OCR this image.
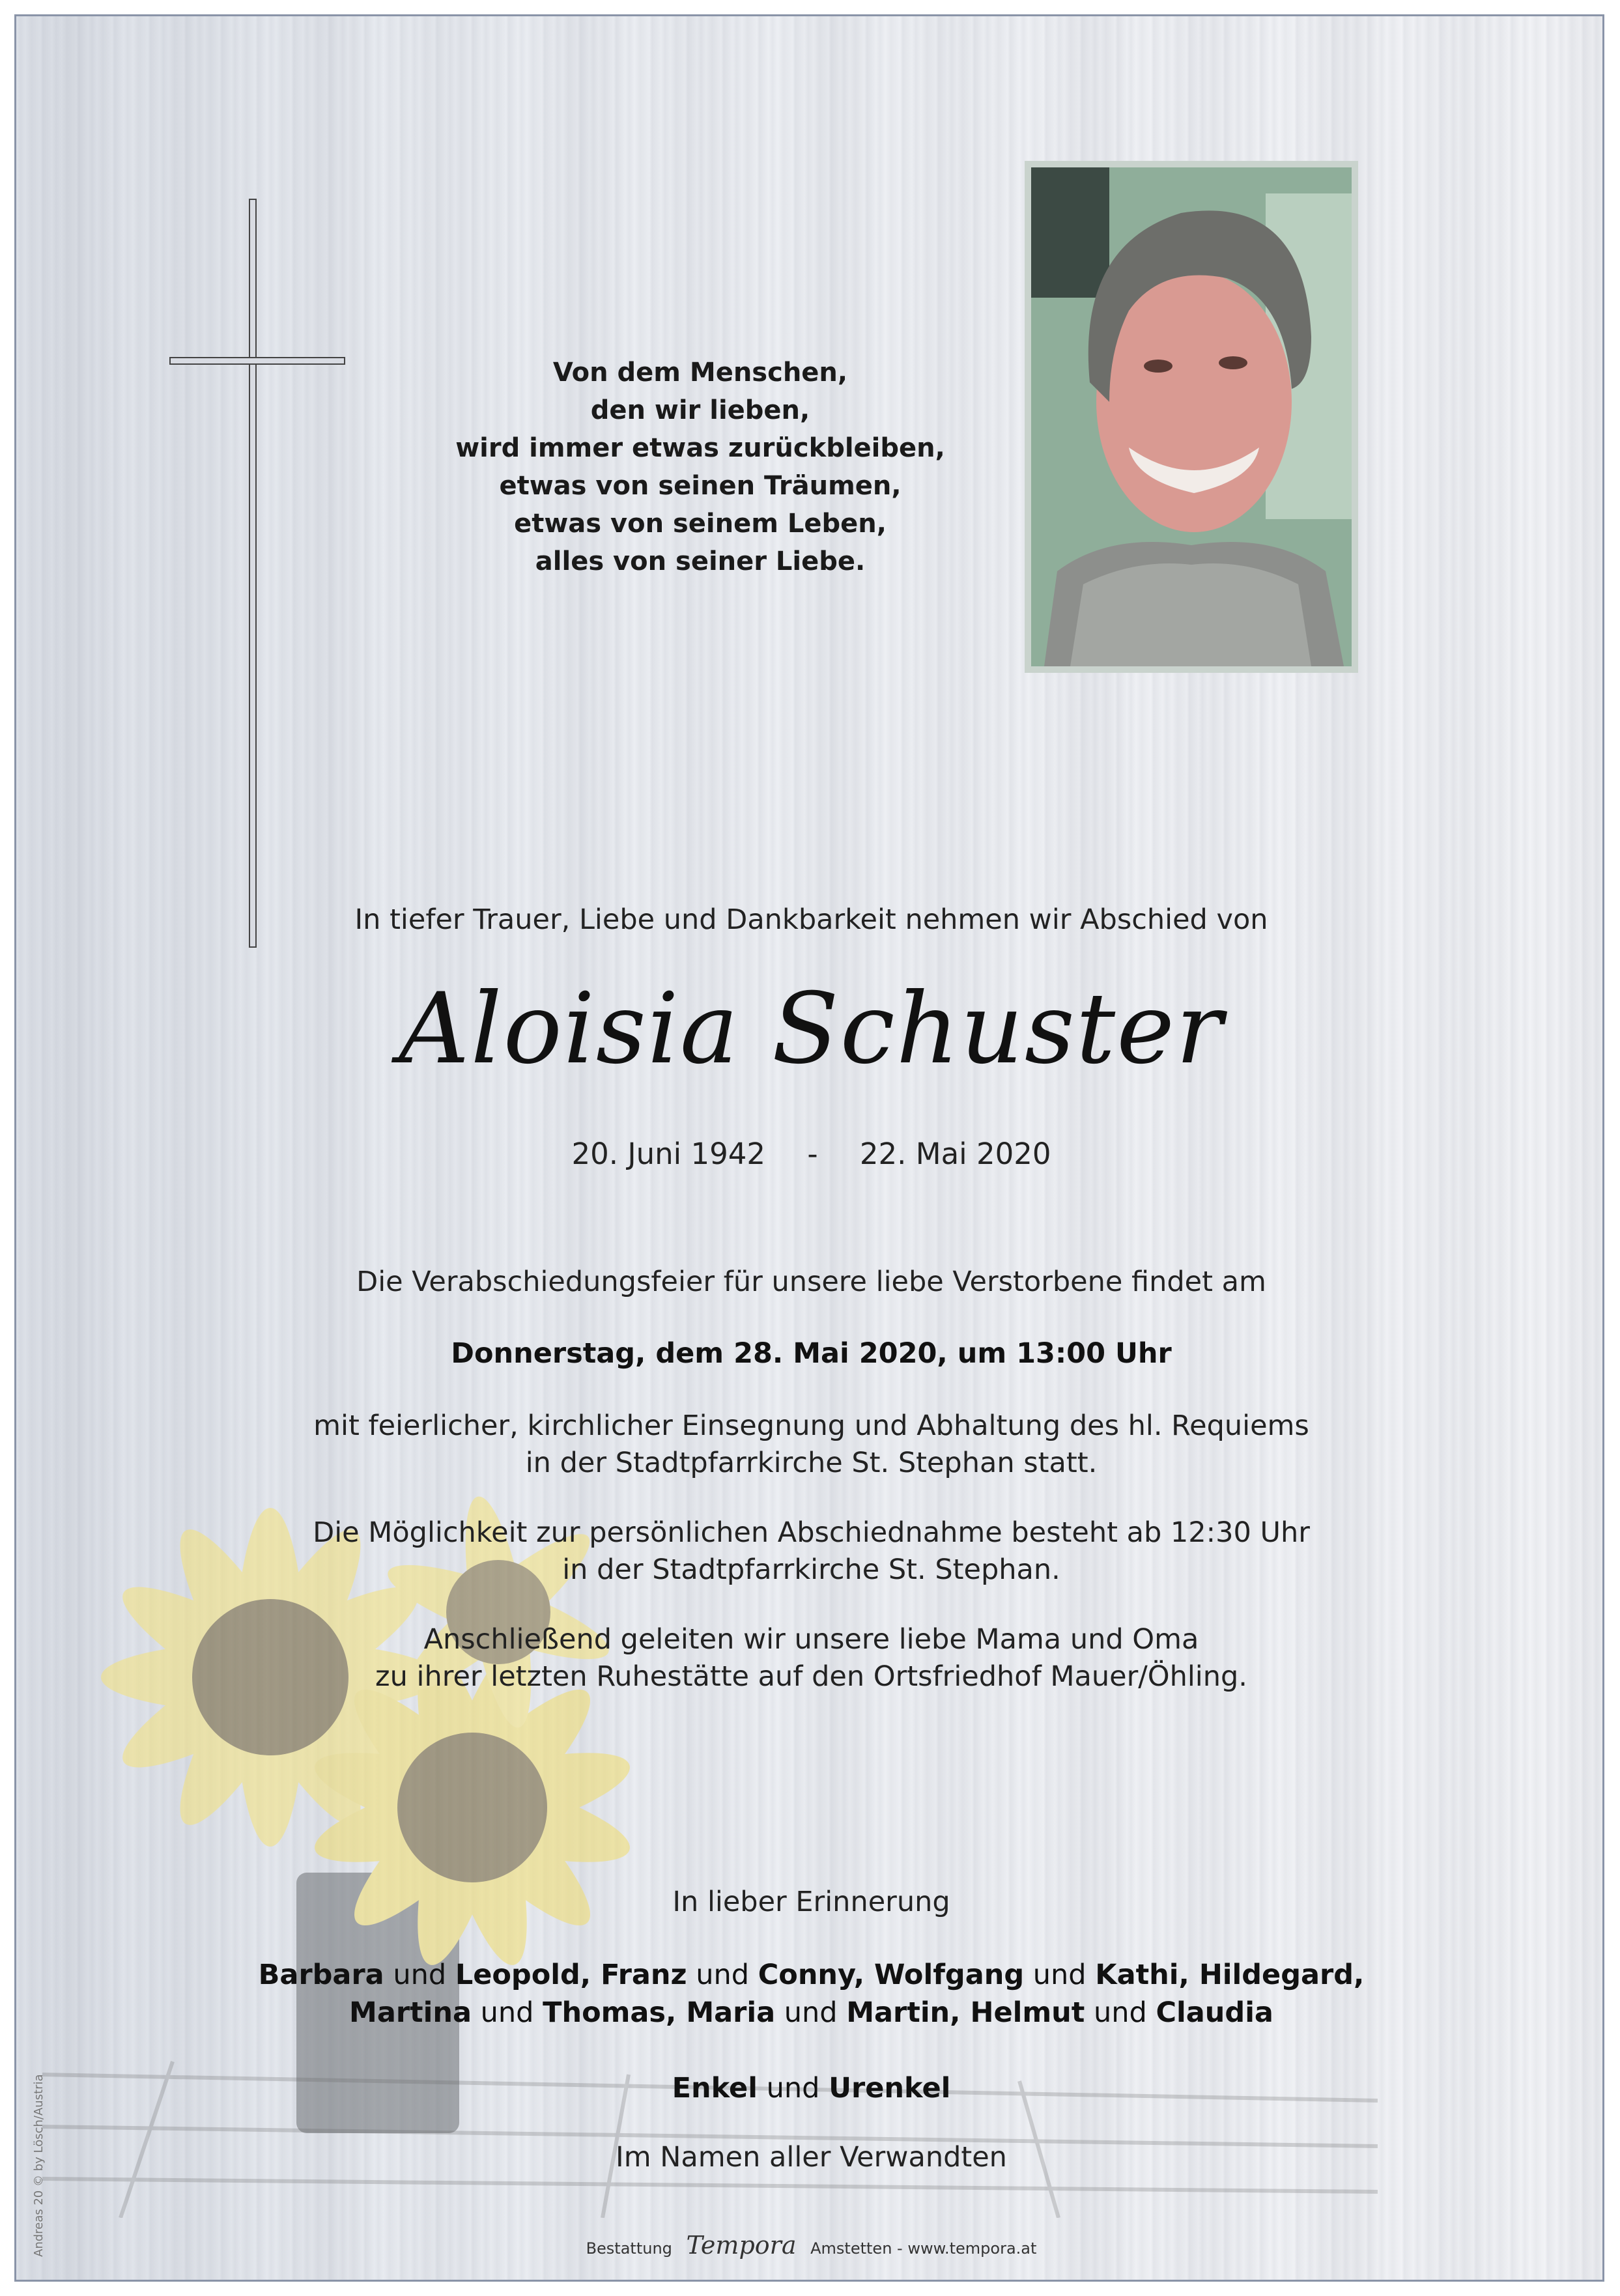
Von dem Menschen,
den wir lieben,
wird immer etwas zurückbleiben,
etwas von seinen Träumen,
etwas von seinem Leben,
alles von seiner Liebe.
In tiefer Trauer, Liebe und Dankbarkeit nehmen wir Abschied von
Aloisia Schuster
20. Juni 1942 - 22. Mai 2020
Die Verabschiedungsfeier für unsere liebe Verstorbene findet am
Donnerstag, dem 28. Mai 2020, um 13:00 Uhr
mit feierlicher, kirchlicher Einsegnung und Abhaltung des hl. Requiems
in der Stadtpfarrkirche St. Stephan statt.
Die Möglichkeit zur persönlichen Abschiednahme besteht ab 12:30 Uhr
in der Stadtpfarrkirche St. Stephan.
Anschließend geleiten wir unsere liebe Mama und Oma
zu ihrer letzten Ruhestätte auf den Ortsfriedhof Mauer/Öhling.
In lieber Erinnerung
Barbara und Leopold, Franz und Conny, Wolfgang und Kathi, Hildegard,
Martina und Thomas, Maria und Martin, Helmut und Claudia
Enkel und Urenkel
Im Namen aller Verwandten
Bestattung Tempora Amstetten - www.tempora.at
Andreas 20 © by Lösch/Austria
